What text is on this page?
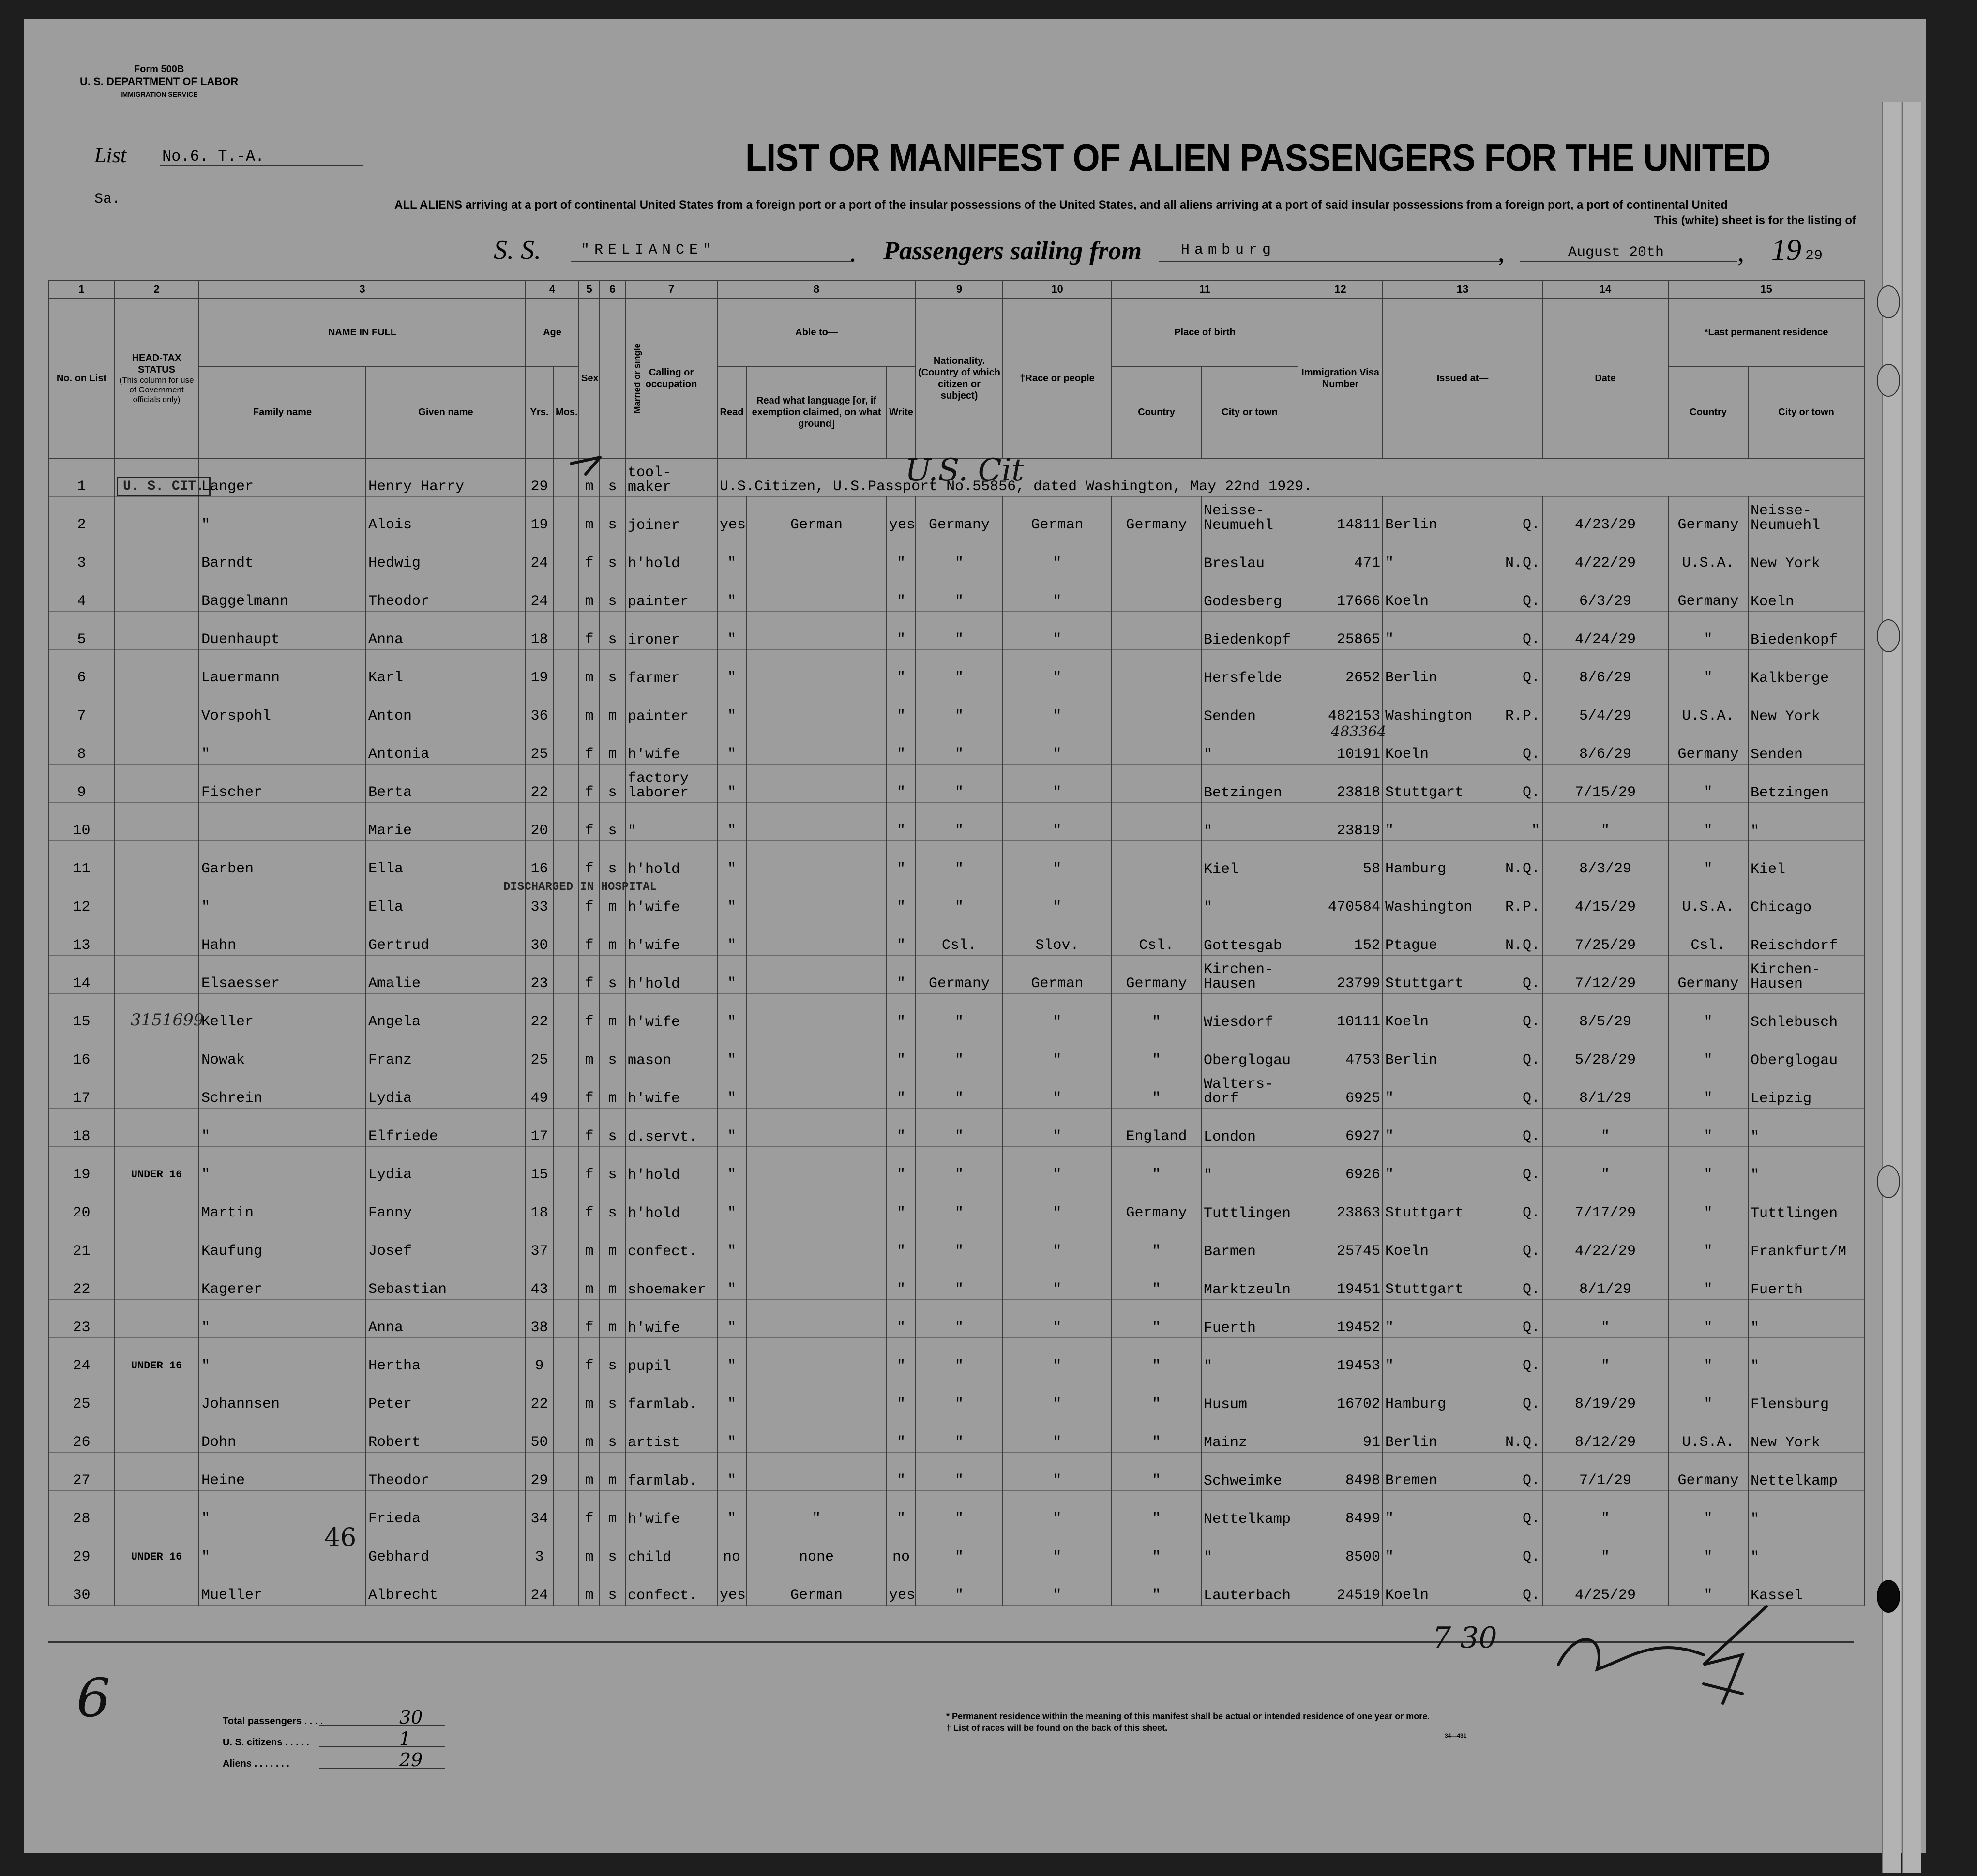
Form 500B
U. S. DEPARTMENT OF LABOR
IMMIGRATION SERVICE
List No.6. T.-A.
Sa.
LIST OR MANIFEST OF ALIEN PASSENGERS FOR THE UNITED
ALL ALIENS arriving at a port of continental United States from a foreign port or a port of the insular possessions of the United States, and all aliens arriving at a port of said insular possessions from a foreign port, a port of continental United
This (white) sheet is for the listing of
S. S.	"RELIANCE"	. Passengers sailing from	Hamburg	,	August 20th	, 19 29
1	2	3		4		5	6	7	8			9	10	11		12	13	14	15	

No. on List	HEAD-TAX STATUS
(This column for use of Government officials only)	NAME IN FULL		Age		Sex	Married or single	Calling or occupation	Able to—			Nationality. (Country of which citizen or subject)	†Race or people	Place of birth		Immigration Visa Number	Issued at—	Date	*Last permanent residence	
		Family name	Given name	Yrs.	Mos.				Read	Read what language [or, if exemption claimed, on what ground]	Write			Country	City or town				Country	City or town
1	U. S. CIT.	Langer	Henry Harry	29		m	s	tool- maker	U.S.Citizen, U.S.Passport No.55856, dated Washington, May 22nd 1929.											
2		"	Alois	19		m	s	joiner	yes	German	yes	Germany	German	Germany	Neisse-Neumuehl	14811	Berlin Q.	4/23/29	Germany	Neisse-Neumuehl

3		Barndt	Hedwig	24		f	s	h'hold	"		"	"	"		Breslau	471	" N.Q.	4/22/29	U.S.A.	New York

4		Baggelmann	Theodor	24		m	s	painter	"		"	"	"		Godesberg	17666	Koeln Q.	6/3/29	Germany	Koeln

5		Duenhaupt	Anna	18		f	s	ironer	"		"	"	"		Biedenkopf	25865	" Q.	4/24/29	"	Biedenkopf

6		Lauermann	Karl	19		m	s	farmer	"		"	"	"		Hersfelde	2652	Berlin Q.	8/6/29	"	Kalkberge

7		Vorspohl	Anton	36		m	m	painter	"		"	"	"		Senden	482153	Washington R.P.	5/4/29	U.S.A.	New York

8		"	Antonia	25		f	m	h'wife	"		"	"	"		"	10191	Koeln Q.	8/6/29	Germany	Senden

9		Fischer	Berta	22		f	s	factory laborer	"		"	"	"		Betzingen	23818	Stuttgart Q.	7/15/29	"	Betzingen

10			Marie	20		f	s	"	"		"	"	"		"	23819	" "	"	"	"

11		Garben	Ella	16		f	s	h'hold	"		"	"	"		Kiel	58	Hamburg N.Q.	8/3/29	"	Kiel

12		"	Ella	33		f	m	h'wife	"		"	"	"		"	470584	Washington R.P.	4/15/29	U.S.A.	Chicago

13		Hahn	Gertrud	30		f	m	h'wife	"		"	Csl.	Slov.	Csl.	Gottesgab	152	Ptague N.Q.	7/25/29	Csl.	Reischdorf

14		Elsaesser	Amalie	23		f	s	h'hold	"		"	Germany	German	Germany	Kirchen-Hausen	23799	Stuttgart Q.	7/12/29	Germany	Kirchen-Hausen

15		Keller	Angela	22		f	m	h'wife	"		"	"	"	"	Wiesdorf	10111	Koeln Q.	8/5/29	"	Schlebusch

16		Nowak	Franz	25		m	s	mason	"		"	"	"	"	Oberglogau	4753	Berlin Q.	5/28/29	"	Oberglogau

17		Schrein	Lydia	49		f	m	h'wife	"		"	"	"	"	Walters-dorf	6925	" Q.	8/1/29	"	Leipzig

18		"	Elfriede	17		f	s	d.servt.	"		"	"	"	England	London	6927	" Q.	"	"	"

19	UNDER 16	"	Lydia	15		f	s	h'hold	"		"	"	"	"	"	6926	" Q.	"	"	"

20		Martin	Fanny	18		f	s	h'hold	"		"	"	"	Germany	Tuttlingen	23863	Stuttgart Q.	7/17/29	"	Tuttlingen

21		Kaufung	Josef	37		m	m	confect.	"		"	"	"	"	Barmen	25745	Koeln Q.	4/22/29	"	Frankfurt/M

22		Kagerer	Sebastian	43		m	m	shoemaker	"		"	"	"	"	Marktzeuln	19451	Stuttgart Q.	8/1/29	"	Fuerth

23		"	Anna	38		f	m	h'wife	"		"	"	"	"	Fuerth	19452	" Q.	"	"	"

24	UNDER 16	"	Hertha	9		f	s	pupil	"		"	"	"	"	"	19453	" Q.	"	"	"

25		Johannsen	Peter	22		m	s	farmlab.	"		"	"	"	"	Husum	16702	Hamburg Q.	8/19/29	"	Flensburg

26		Dohn	Robert	50		m	s	artist	"		"	"	"	"	Mainz	91	Berlin N.Q.	8/12/29	U.S.A.	New York

27		Heine	Theodor	29		m	m	farmlab.	"		"	"	"	"	Schweimke	8498	Bremen Q.	7/1/29	Germany	Nettelkamp

28		"	Frieda	34		f	m	h'wife	"	"	"	"	"	"	Nettelkamp	8499	" Q.	"	"	"

29	UNDER 16	"	Gebhard	3		m	s	child	no	none	no	"	"	"	"	8500	" Q.	"	"	"

30		Mueller	Albrecht	24		m	s	confect.	yes	German	yes	"	"	"	Lauterbach	24519	Koeln Q.	4/25/29	"	Kassel
DISCHARGED IN HOSPITAL
3151699
46
483364
U.S. Cit
6
7 30
Total passengers . . . .	30
U. S. citizens . . . . .	1
Aliens . . . . . . .	29
* Permanent residence within the meaning of this manifest shall be actual or intended residence of one year or more.
† List of races will be found on the back of this sheet.
34—431
